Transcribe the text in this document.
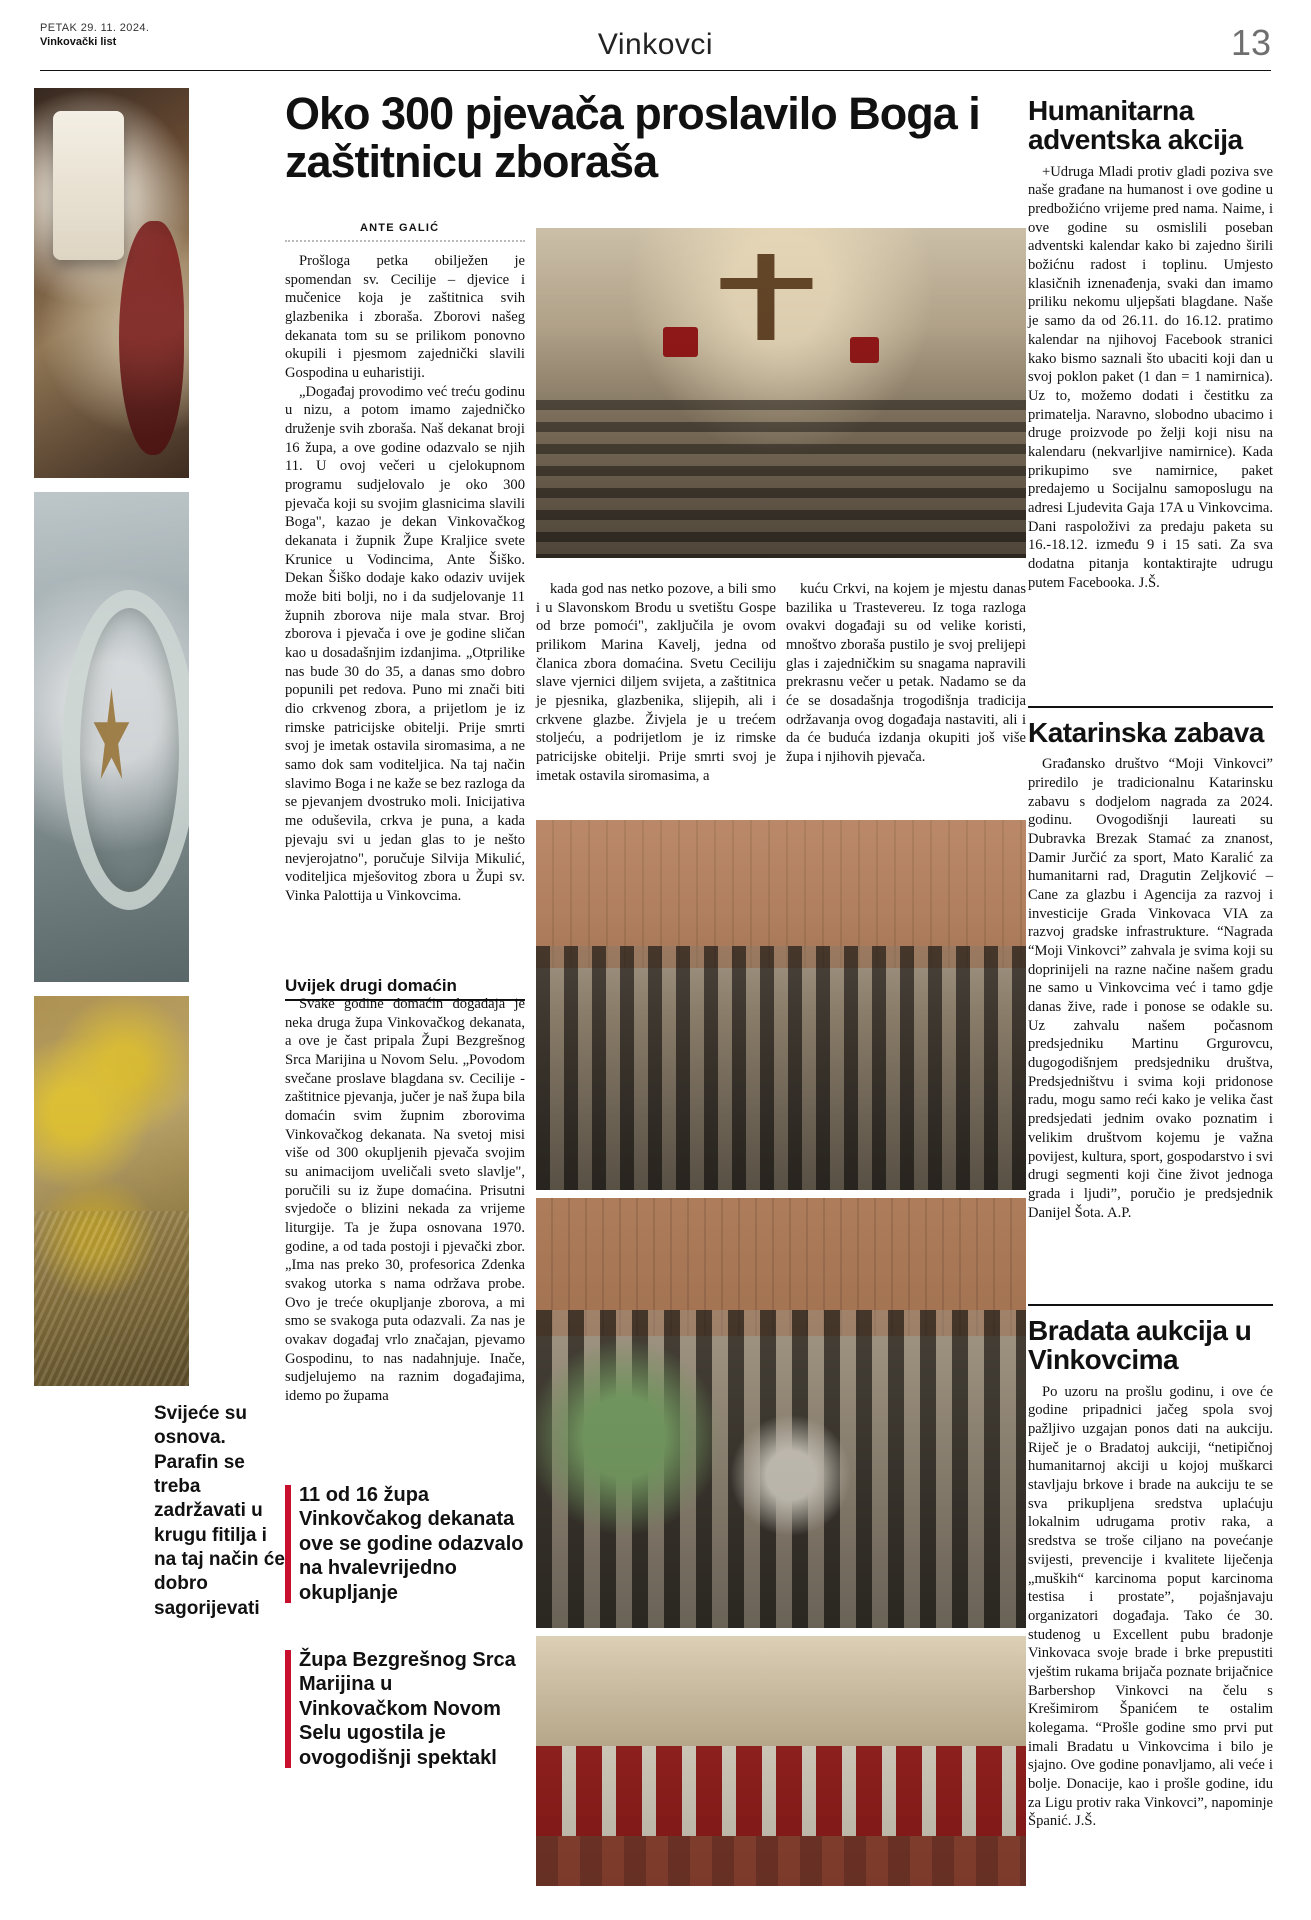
PETAK 29. 11. 2024.
Vinkovački list	Vinkovci	13
Svijeće su osnova. Parafin se treba zadržavati u krugu fitilja i na taj način će dobro sagorijevati
Oko 300 pjevača proslavilo Boga i zaštitnicu zboraša
ANTE GALIĆ

Prošloga petka obilježen je spomendan sv. Cecilije – djevice i mučenice koja je zaštitnica svih glazbenika i zboraša. Zborovi našeg dekanata tom su se prilikom ponovno okupili i pjesmom zajednički slavili Gospodina u euharistiji.

„Događaj provodimo već treću godinu u nizu, a potom imamo zajedničko druženje svih zboraša. Naš dekanat broji 16 župa, a ove godine odazvalo se njih 11. U ovoj večeri u cjelokupnom programu sudjelovalo je oko 300 pjevača koji su svojim glasnicima slavili Boga", kazao je dekan Vinkovačkog dekanata i župnik Župe Kraljice svete Krunice u Vodincima, Ante Šiško. Dekan Šiško dodaje kako odaziv uvijek može biti bolji, no i da sudjelovanje 11 župnih zborova nije mala stvar. Broj zborova i pjevača i ove je godine sličan kao u dosadašnjim izdanjima. „Otprilike nas bude 30 do 35, a danas smo dobro popunili pet redova. Puno mi znači biti dio crkvenog zbora, a prijetlom je iz rimske patricijske obitelji. Prije smrti svoj je imetak ostavila siromasima, a ne samo dok sam voditeljica. Na taj način slavimo Boga i ne kaže se bez razloga da se pjevanjem dvostruko moli. Inicijativa me oduševila, crkva je puna, a kada pjevaju svi u jedan glas to je nešto nevjerojatno", poručuje Silvija Mikulić, voditeljica mješovitog zbora u Župi sv. Vinka Palottija u Vinkovcima.

Uvijek drugi domaćin

Svake godine domaćin događaja je neka druga župa Vinkovačkog dekanata, a ove je čast pripala Župi Bezgrešnog Srca Marijina u Novom Selu. „Povodom svečane proslave blagdana sv. Cecilije - zaštitnice pjevanja, jučer je naš župa bila domaćin svim župnim zborovima Vinkovačkog dekanata. Na svetoj misi više od 300 okupljenih pjevača svojim su animacijom uveličali sveto slavlje", poručili su iz župe domaćina. Prisutni svjedoče o blizini nekada za vrijeme liturgije. Ta je župa osnovana 1970. godine, a od tada postoji i pjevački zbor. „Ima nas preko 30, profesorica Zdenka svakog utorka s nama održava probe. Ovo je treće okupljanje zborova, a mi smo se svakoga puta odazvali. Za nas je ovakav događaj vrlo značajan, pjevamo Gospodinu, to nas nadahnjuje. Inače, sudjelujemo na raznim događajima, idemo po župama

11 od 16 župa Vinkovčakog dekanata ove se godine odazvalo na hvalevrijedno okupljanje
Župa Bezgrešnog Srca Marijina u Vinkovačkom Novom Selu ugostila je ovogodišnji spektakl

kada god nas netko pozove, a bili smo i u Slavonskom Brodu u svetištu Gospe od brze pomoći", zaključila je ovom prilikom Marina Kavelj, jedna od članica zbora domaćina. Svetu Ceciliju slave vjernici diljem svijeta, a zaštitnica je pjesnika, glazbenika, slijepih, ali i crkvene glazbe. Živjela je u trećem stoljeću, a podrijetlom je iz rimske patricijske obitelji. Prije smrti svoj je imetak ostavila siromasima, a

kuću Crkvi, na kojem je mjestu danas bazilika u Trastevereu. Iz toga razloga ovakvi događaji su od velike koristi, mnoštvo zboraša pustilo je svoj prelijepi glas i zajedničkim su snagama napravili prekrasnu večer u petak. Nadamo se da će se dosadašnja trogodišnja tradicija održavanja ovog događaja nastaviti, ali i da će buduća izdanja okupiti još više župa i njihovih pjevača.

Humanitarna adventska akcija

+Udruga Mladi protiv gladi poziva sve naše građane na humanost i ove godine u predbožićno vrijeme pred nama. Naime, i ove godine su osmislili poseban adventski kalendar kako bi zajedno širili božićnu radost i toplinu. Umjesto klasičnih iznenađenja, svaki dan imamo priliku nekomu uljepšati blagdane. Naše je samo da od 26.11. do 16.12. pratimo kalendar na njihovoj Facebook stranici kako bismo saznali što ubaciti koji dan u svoj poklon paket (1 dan = 1 namirnica). Uz to, možemo dodati i čestitku za primatelja. Naravno, slobodno ubacimo i druge proizvode po želji koji nisu na kalendaru (nekvarljive namirnice). Kada prikupimo sve namirnice, paket predajemo u Socijalnu samoposlugu na adresi Ljudevita Gaja 17A u Vinkovcima. Dani raspoloživi za predaju paketa su 16.-18.12. između 9 i 15 sati. Za sva dodatna pitanja kontaktirajte udrugu putem Facebooka. J.Š.

Katarinska zabava

Građansko društvo “Moji Vinkovci” priredilo je tradicionalnu Katarinsku zabavu s dodjelom nagrada za 2024. godinu. Ovogodišnji laureati su Dubravka Brezak Stamać za znanost, Damir Jurčić za sport, Mato Karalić za humanitarni rad, Dragutin Zeljković – Cane za glazbu i Agencija za razvoj i investicije Grada Vinkovaca VIA za razvoj gradske infrastrukture. “Nagrada “Moji Vinkovci” zahvala je svima koji su doprinijeli na razne načine našem gradu ne samo u Vinkovcima već i tamo gdje danas žive, rade i ponose se odakle su. Uz zahvalu našem počasnom predsjedniku Martinu Grgurovcu, dugogodišnjem predsjedniku društva, Predsjedništvu i svima koji pridonose radu, mogu samo reći kako je velika čast predsjedati jednim ovako poznatim i velikim društvom kojemu je važna povijest, kultura, sport, gospodarstvo i svi drugi segmenti koji čine život jednoga grada i ljudi”, poručio je predsjednik Danijel Šota. A.P.

Bradata aukcija u Vinkovcima

Po uzoru na prošlu godinu, i ove će godine pripadnici jačeg spola svoj pažljivo uzgajan ponos dati na aukciju. Riječ je o Bradatoj aukciji, “netipičnoj humanitarnoj akciji u kojoj muškarci stavljaju brkove i brade na aukciju te se sva prikupljena sredstva uplaćuju lokalnim udrugama protiv raka, a sredstva se troše ciljano na povećanje svijesti, prevencije i kvalitete liječenja „muških“ karcinoma poput karcinoma testisa i prostate”, pojašnjavaju organizatori događaja. Tako će 30. studenog u Excellent pubu bradonje Vinkovaca svoje brade i brke prepustiti vještim rukama brijača poznate brijačnice Barbershop Vinkovci na čelu s Krešimirom Španićem te ostalim kolegama. “Prošle godine smo prvi put imali Bradatu u Vinkovcima i bilo je sjajno. Ove godine ponavljamo, ali veće i bolje. Donacije, kao i prošle godine, idu za Ligu protiv raka Vinkovci”, napominje Španić. J.Š.
